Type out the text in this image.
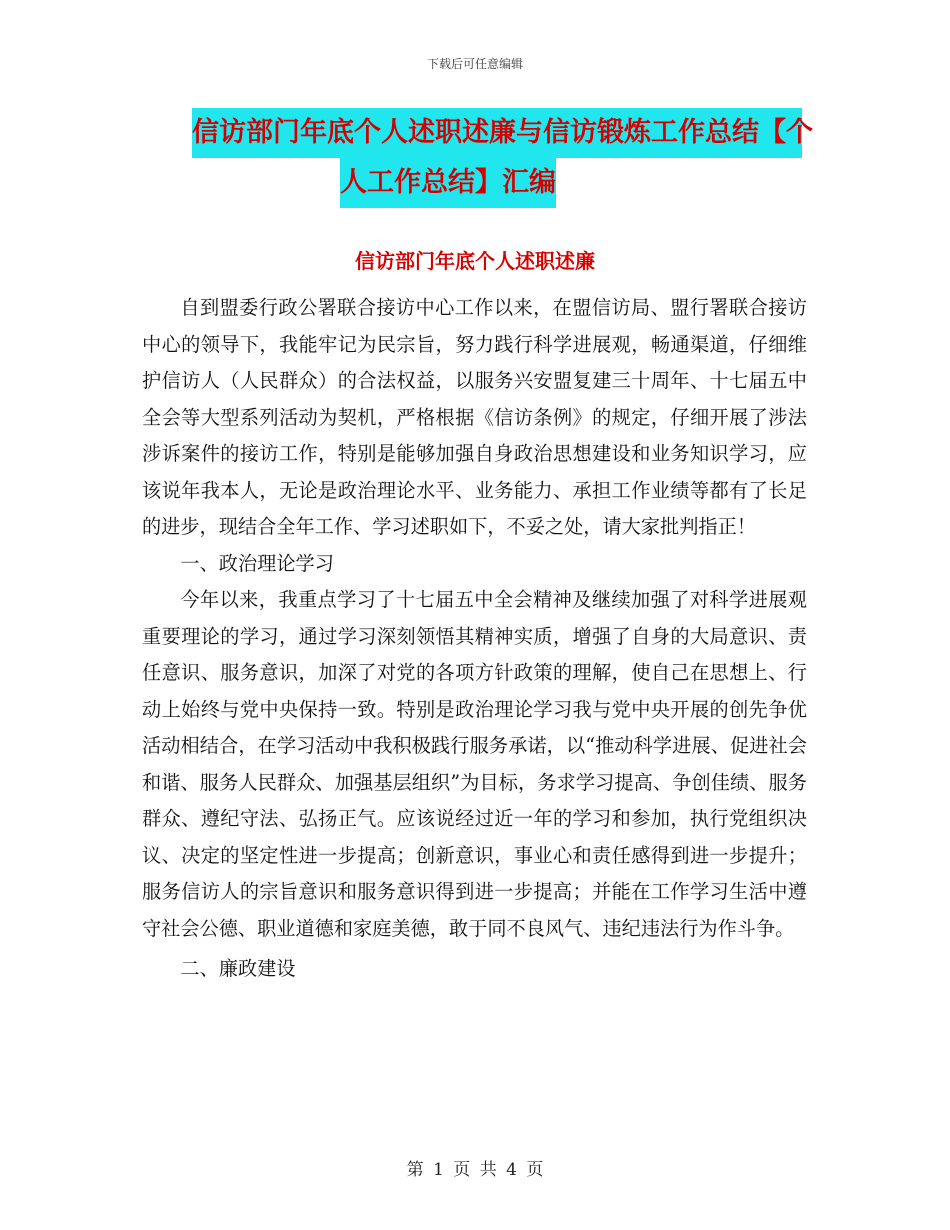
下载后可任意编辑
信访部门年底个人述职述廉与信访锻炼工作总结【个
人工作总结】汇编
信访部门年底个人述职述廉

自到盟委行政公署联合接访中心工作以来，在盟信访局、盟行署联合接访中心的领导下，我能牢记为民宗旨，努力践行科学进展观，畅通渠道，仔细维护信访人（人民群众）的合法权益，以服务兴安盟复建三十周年、十七届五中全会等大型系列活动为契机，严格根据《信访条例》的规定，仔细开展了涉法涉诉案件的接访工作，特别是能够加强自身政治思想建设和业务知识学习，应该说年我本人，无论是政治理论水平、业务能力、承担工作业绩等都有了长足的进步，现结合全年工作、学习述职如下，不妥之处，请大家批判指正！

一、政治理论学习

今年以来，我重点学习了十七届五中全会精神及继续加强了对科学进展观重要理论的学习，通过学习深刻领悟其精神实质，增强了自身的大局意识、责任意识、服务意识，加深了对党的各项方针政策的理解，使自己在思想上、行动上始终与党中央保持一致。特别是政治理论学习我与党中央开展的创先争优活动相结合，在学习活动中我积极践行服务承诺，以“推动科学进展、促进社会和谐、服务人民群众、加强基层组织”为目标，务求学习提高、争创佳绩、服务群众、遵纪守法、弘扬正气。应该说经过近一年的学习和参加，执行党组织决议、决定的坚定性进一步提高；创新意识，事业心和责任感得到进一步提升；服务信访人的宗旨意识和服务意识得到进一步提高；并能在工作学习生活中遵守社会公德、职业道德和家庭美德，敢于同不良风气、违纪违法行为作斗争。

二、廉政建设

第 1 页 共 4 页
